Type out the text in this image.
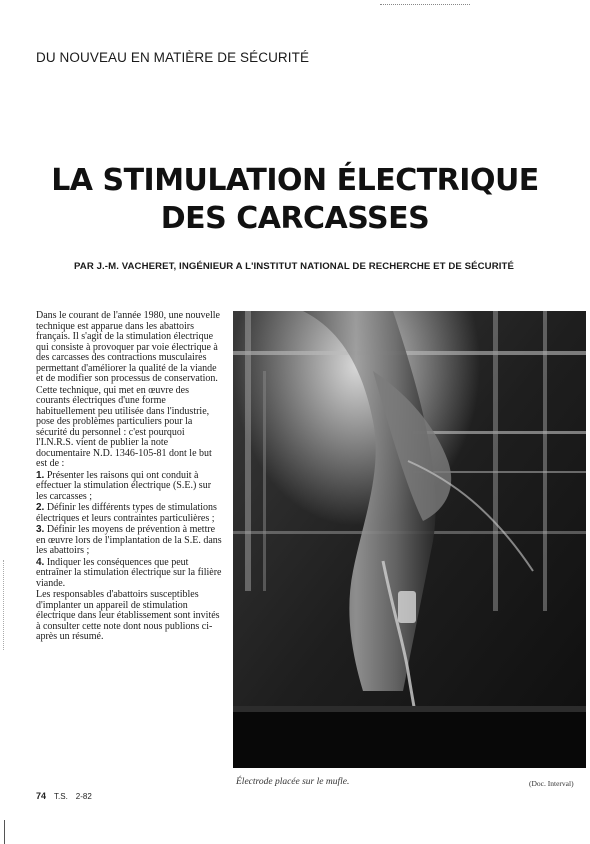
DU NOUVEAU EN MATIÈRE DE SÉCURITÉ
LA STIMULATION ÉLECTRIQUE
DES CARCASSES
PAR J.-M. VACHERET, INGÉNIEUR A L'INSTITUT NATIONAL DE RECHERCHE ET DE SÉCURITÉ

Dans le courant de l'année 1980, une nouvelle technique est apparue dans les abattoirs français. Il s'agit de la stimulation électrique qui consiste à provoquer par voie électrique à des carcasses des contractions musculaires permettant d'améliorer la qualité de la viande et de modifier son processus de conservation.

Cette technique, qui met en œuvre des courants électriques d'une forme habituellement peu utilisée dans l'industrie, pose des problèmes particuliers pour la sécurité du personnel : c'est pourquoi l'I.N.R.S. vient de publier la note documentaire N.D. 1346-105-81 dont le but est de :

1. Présenter les raisons qui ont conduit à effectuer la stimulation électrique (S.E.) sur les carcasses ;

2. Définir les différents types de stimulations électriques et leurs contraintes particulières ;

3. Définir les moyens de prévention à mettre en œuvre lors de l'implantation de la S.E. dans les abattoirs ;

4. Indiquer les conséquences que peut entraîner la stimulation électrique sur la filière viande.

Les responsables d'abattoirs susceptibles d'implanter un appareil de stimulation électrique dans leur établissement sont invités à consulter cette note dont nous publions ci-après un résumé.

Électrode placée sur le mufle.	(Doc. Interval)
74 T.S. 2-82
